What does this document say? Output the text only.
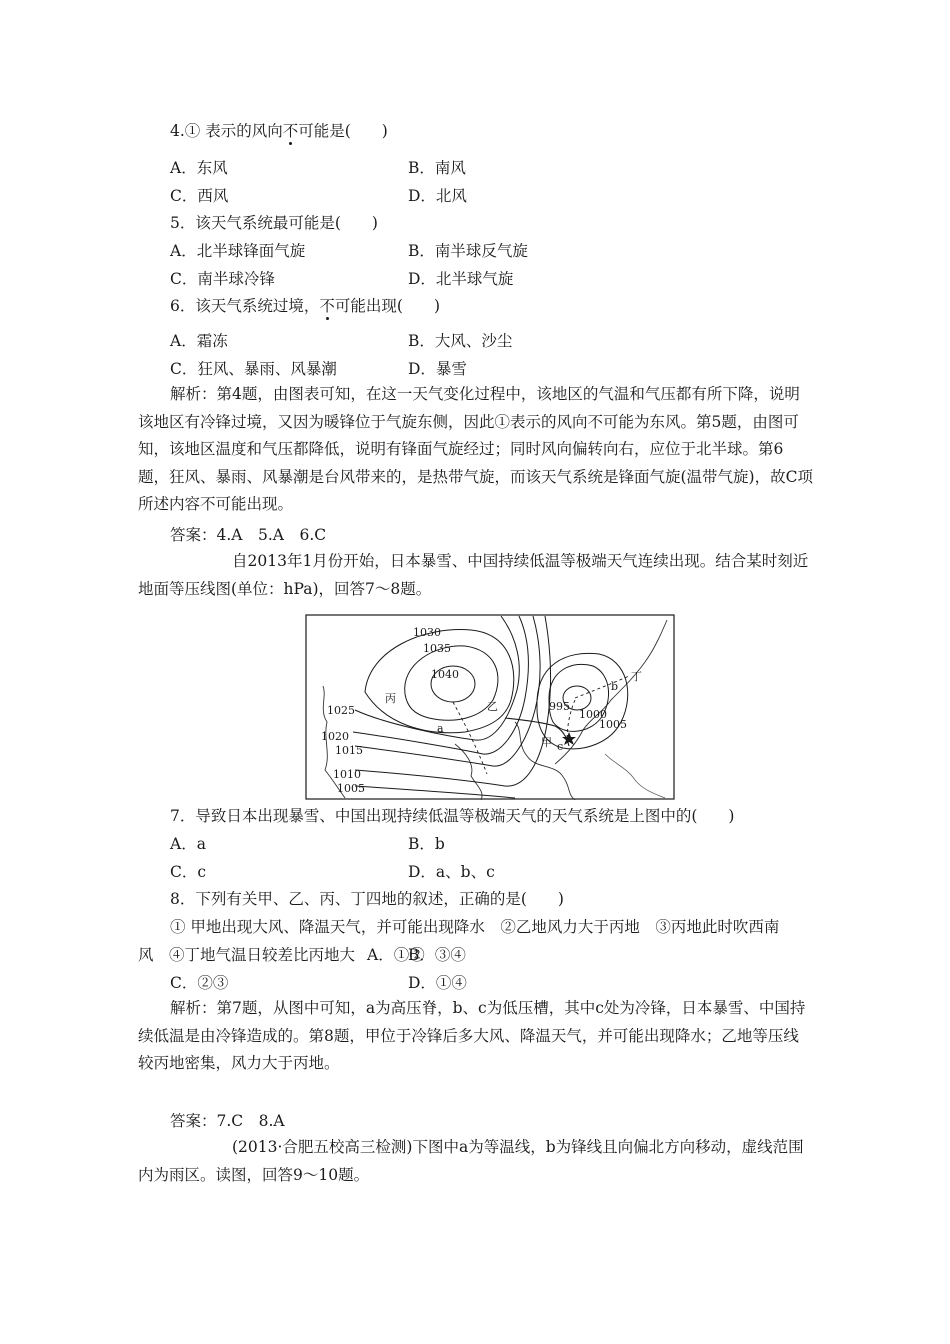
4.① 表示的风向不可能是(　　)
A．东风	B．南风
C．西风	D．北风
5．该天气系统最可能是(　　)
A．北半球锋面气旋	B．南半球反气旋
C．南半球冷锋	D．北半球气旋
6．该天气系统过境，不可能出现(　　)
A．霜冻	B．大风、沙尘
C．狂风、暴雨、风暴潮	D．暴雪
解析：第4题，由图表可知，在这一天气变化过程中，该地区的气温和气压都有所下降，说明该地区有冷锋过境，又因为暖锋位于气旋东侧，因此①表示的风向不可能为东风。第5题，由图可知，该地区温度和气压都降低，说明有锋面气旋经过；同时风向偏转向右，应位于北半球。第6题，狂风、暴雨、风暴潮是台风带来的，是热带气旋，而该天气系统是锋面气旋(温带气旋)，故C项所述内容不可能出现。
答案：4.A　5.A　6.C
自2013年1月份开始，日本暴雪、中国持续低温等极端天气连续出现。结合某时刻近地面等压线图(单位：hPa)，回答7～8题。
1030
1035
1040
1025
1020
1015
1010
1005
995
1000
1005
丙
乙
甲
丁
a
b
c
7．导致日本出现暴雪、中国出现持续低温等极端天气的天气系统是上图中的(　　)
A．a	B．b
C．c	D．a、b、c
8．下列有关甲、乙、丙、丁四地的叙述，正确的是(　　)
① 甲地出现大风、降温天气，并可能出现降水　②乙地风力大于丙地　③丙地此时吹西南
风　④丁地气温日较差比丙地大 A．①②
B．③④
C．②③	D．①④
解析：第7题，从图中可知，a为高压脊，b、c为低压槽，其中c处为冷锋，日本暴雪、中国持续低温是由冷锋造成的。第8题，甲位于冷锋后多大风、降温天气，并可能出现降水；乙地等压线较丙地密集，风力大于丙地。
答案：7.C　8.A
(2013·合肥五校高三检测)下图中a为等温线，b为锋线且向偏北方向移动，虚线范围内为雨区。读图，回答9～10题。
